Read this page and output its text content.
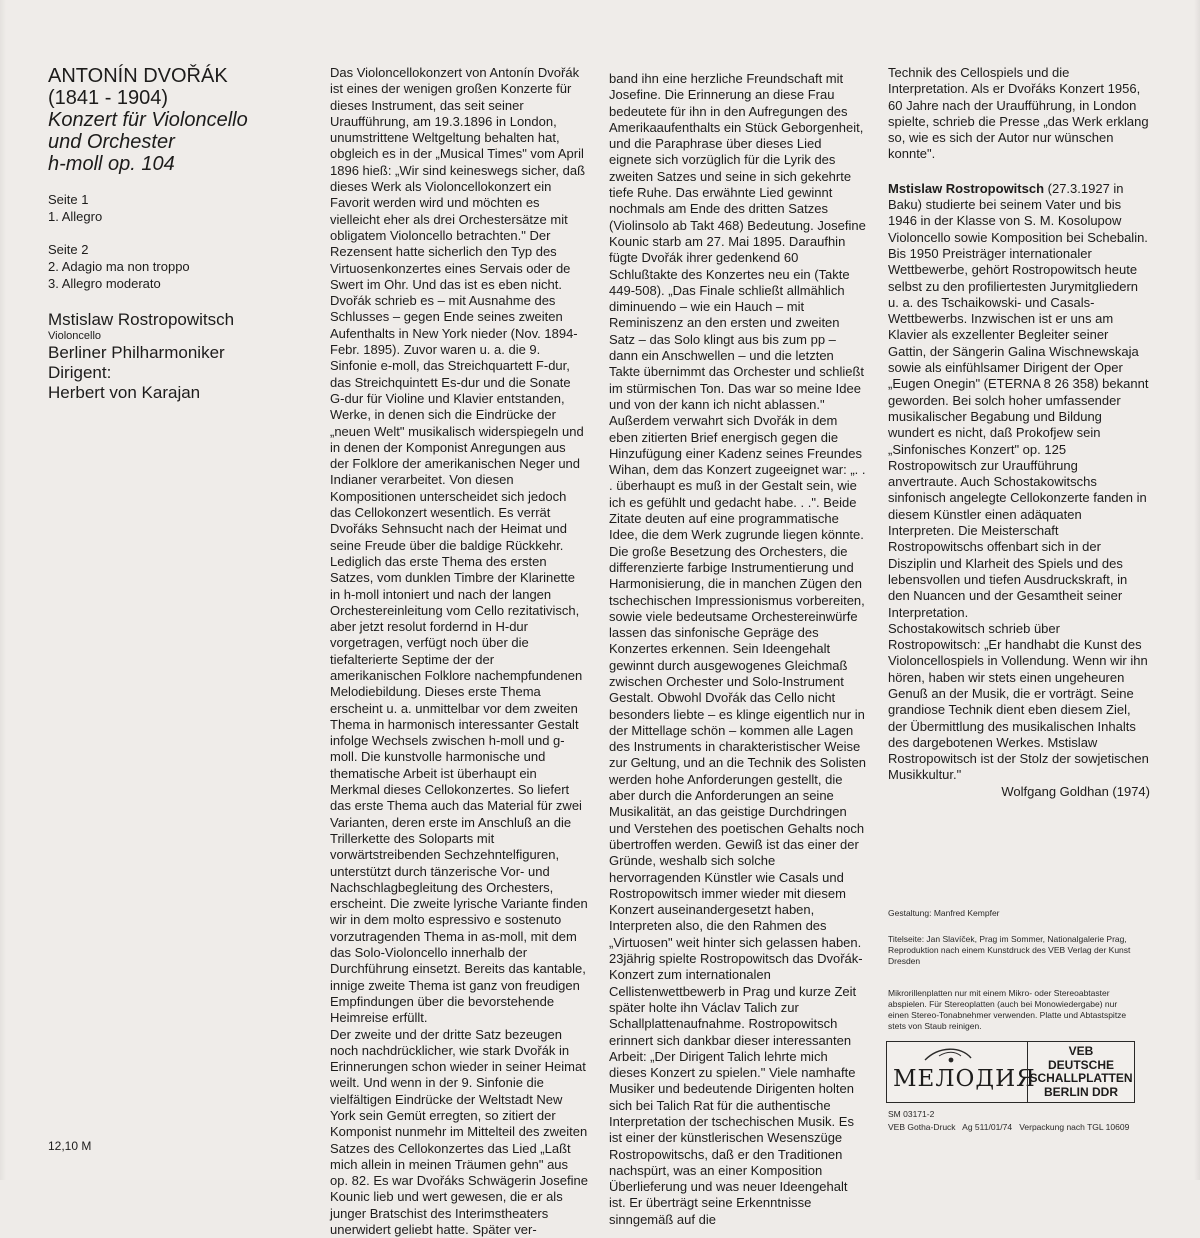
ANTONÍN DVOŘÁK
(1841 - 1904)
Konzert für Violoncello
und Orchester
h-moll op. 104
Seite 1
1. Allegro
Seite 2
2. Adagio ma non troppo
3. Allegro moderato
Mstislaw Rostropowitsch
Violoncello
Berliner Philharmoniker
Dirigent:
Herbert von Karajan
12,10 M

Das Violoncellokonzert von Antonín Dvořák ist eines der wenigen großen Konzerte für dieses Instrument, das seit seiner Uraufführung, am 19.3.1896 in London, unumstrittene Weltgeltung behalten hat, obgleich es in der „Musical Times" vom April 1896 hieß: „Wir sind keineswegs sicher, daß dieses Werk als Violoncellokonzert ein Favorit werden wird und möchten es vielleicht eher als drei Orchestersätze mit obligatem Violoncello betrachten." Der Rezensent hatte sicherlich den Typ des Virtuosenkonzertes eines Servais oder de Swert im Ohr. Und das ist es eben nicht.

Dvořák schrieb es – mit Ausnahme des Schlusses – gegen Ende seines zweiten Aufenthalts in New York nieder (Nov. 1894-Febr. 1895). Zuvor waren u. a. die 9. Sinfonie e-moll, das Streichquartett F-dur, das Streichquintett Es-dur und die Sonate G-dur für Violine und Klavier entstanden, Werke, in denen sich die Eindrücke der „neuen Welt" musikalisch widerspiegeln und in denen der Komponist Anregungen aus der Folklore der amerikanischen Neger und Indianer verarbeitet. Von diesen Kompositionen unterscheidet sich jedoch das Cellokonzert wesentlich. Es verrät Dvořáks Sehnsucht nach der Heimat und seine Freude über die baldige Rückkehr. Lediglich das erste Thema des ersten Satzes, vom dunklen Timbre der Klarinette in h-moll intoniert und nach der langen Orchestereinleitung vom Cello rezitativisch, aber jetzt resolut fordernd in H-dur vorgetragen, verfügt noch über die tiefalterierte Septime der der amerikanischen Folklore nachempfundenen Melodiebildung. Dieses erste Thema erscheint u. a. unmittelbar vor dem zweiten Thema in harmonisch interessanter Gestalt infolge Wechsels zwischen h-moll und g-moll. Die kunstvolle harmonische und thematische Arbeit ist überhaupt ein Merkmal dieses Cellokonzertes. So liefert das erste Thema auch das Material für zwei Varianten, deren erste im Anschluß an die Trillerkette des Soloparts mit vorwärtstreibenden Sechzehntelfiguren, unterstützt durch tänzerische Vor- und Nachschlagbegleitung des Orchesters, erscheint. Die zweite lyrische Variante finden wir in dem molto espressivo e sostenuto vorzutragenden Thema in as-moll, mit dem das Solo-Violoncello innerhalb der Durchführung einsetzt. Bereits das kantable, innige zweite Thema ist ganz von freudigen Empfindungen über die bevorstehende Heimreise erfüllt.

Der zweite und der dritte Satz bezeugen noch nachdrücklicher, wie stark Dvořák in Erinnerungen schon wieder in seiner Heimat weilt. Und wenn in der 9. Sinfonie die vielfältigen Eindrücke der Weltstadt New York sein Gemüt erregten, so zitiert der Komponist nunmehr im Mittelteil des zweiten Satzes des Cellokonzertes das Lied „Laßt mich allein in meinen Träumen gehn" aus op. 82. Es war Dvořáks Schwägerin Josefine Kounic lieb und wert gewesen, die er als junger Bratschist des Interimstheaters unerwidert geliebt hatte. Später ver-

band ihn eine herzliche Freundschaft mit Josefine. Die Erinnerung an diese Frau bedeutete für ihn in den Aufregungen des Amerikaaufenthalts ein Stück Geborgenheit, und die Paraphrase über dieses Lied eignete sich vorzüglich für die Lyrik des zweiten Satzes und seine in sich gekehrte tiefe Ruhe. Das erwähnte Lied gewinnt nochmals am Ende des dritten Satzes (Violinsolo ab Takt 468) Bedeutung. Josefine Kounic starb am 27. Mai 1895. Daraufhin fügte Dvořák ihrer gedenkend 60 Schlußtakte des Konzertes neu ein (Takte 449-508). „Das Finale schließt allmählich diminuendo – wie ein Hauch – mit Reminiszenz an den ersten und zweiten Satz – das Solo klingt aus bis zum pp – dann ein Anschwellen – und die letzten Takte übernimmt das Orchester und schließt im stürmischen Ton. Das war so meine Idee und von der kann ich nicht ablassen." Außerdem verwahrt sich Dvořák in dem eben zitierten Brief energisch gegen die Hinzufügung einer Kadenz seines Freundes Wihan, dem das Konzert zugeeignet war: „. . . überhaupt es muß in der Gestalt sein, wie ich es gefühlt und gedacht habe. . .". Beide Zitate deuten auf eine programmatische Idee, die dem Werk zugrunde liegen könnte. Die große Besetzung des Orchesters, die differenzierte farbige Instrumentierung und Harmonisierung, die in manchen Zügen den tschechischen Impressionismus vorbereiten, sowie viele bedeutsame Orchestereinwürfe lassen das sinfonische Gepräge des Konzertes erkennen. Sein Ideengehalt gewinnt durch ausgewogenes Gleichmaß zwischen Orchester und Solo-Instrument Gestalt. Obwohl Dvořák das Cello nicht besonders liebte – es klinge eigentlich nur in der Mittellage schön – kommen alle Lagen des Instruments in charakteristischer Weise zur Geltung, und an die Technik des Solisten werden hohe Anforderungen gestellt, die aber durch die Anforderungen an seine Musikalität, an das geistige Durchdringen und Verstehen des poetischen Gehalts noch übertroffen werden. Gewiß ist das einer der Gründe, weshalb sich solche hervorragenden Künstler wie Casals und Rostropowitsch immer wieder mit diesem Konzert auseinandergesetzt haben, Interpreten also, die den Rahmen des „Virtuosen" weit hinter sich gelassen haben.

23jährig spielte Rostropowitsch das Dvořák-Konzert zum internationalen Cellistenwettbewerb in Prag und kurze Zeit später holte ihn Václav Talich zur Schallplattenaufnahme. Rostropowitsch erinnert sich dankbar dieser interessanten Arbeit: „Der Dirigent Talich lehrte mich dieses Konzert zu spielen." Viele namhafte Musiker und bedeutende Dirigenten holten sich bei Talich Rat für die authentische Interpretation der tschechischen Musik. Es ist einer der künstlerischen Wesenszüge Rostropowitschs, daß er den Traditionen nachspürt, was an einer Komposition Überlieferung und was neuer Ideengehalt ist. Er überträgt seine Erkenntnisse sinngemäß auf die

Technik des Cellospiels und die Interpretation. Als er Dvořáks Konzert 1956, 60 Jahre nach der Uraufführung, in London spielte, schrieb die Presse „das Werk erklang so, wie es sich der Autor nur wünschen konnte".

Mstislaw Rostropowitsch (27.3.1927 in Baku) studierte bei seinem Vater und bis 1946 in der Klasse von S. M. Kosolupow Violoncello sowie Komposition bei Schebalin. Bis 1950 Preisträger internationaler Wettbewerbe, gehört Rostropowitsch heute selbst zu den profiliertesten Jurymitgliedern u. a. des Tschaikowski- und Casals-Wettbewerbs. Inzwischen ist er uns am Klavier als exzellenter Begleiter seiner Gattin, der Sängerin Galina Wischnewskaja sowie als einfühlsamer Dirigent der Oper „Eugen Onegin" (ETERNA 8 26 358) bekannt geworden. Bei solch hoher umfassender musikalischer Begabung und Bildung wundert es nicht, daß Prokofjew sein „Sinfonisches Konzert" op. 125 Rostropowitsch zur Uraufführung anvertraute. Auch Schostakowitschs sinfonisch angelegte Cellokonzerte fanden in diesem Künstler einen adäquaten Interpreten. Die Meisterschaft Rostropowitschs offenbart sich in der Disziplin und Klarheit des Spiels und des lebensvollen und tiefen Ausdruckskraft, in den Nuancen und der Gesamtheit seiner Interpretation.

Schostakowitsch schrieb über Rostropowitsch: „Er handhabt die Kunst des Violoncellospiels in Vollendung. Wenn wir ihn hören, haben wir stets einen ungeheuren Genuß an der Musik, die er vorträgt. Seine grandiose Technik dient eben diesem Ziel, der Übermittlung des musikalischen Inhalts des dargebotenen Werkes. Mstislaw Rostropowitsch ist der Stolz der sowjetischen Musikkultur."

Wolfgang Goldhan (1974)

Gestaltung: Manfred Kempfer
Titelseite: Jan Slavíček, Prag im Sommer, Nationalgalerie Prag, Reproduktion nach einem Kunstdruck des VEB Verlag der Kunst Dresden
Mikrorillenplatten nur mit einem Mikro- oder Stereoabtaster abspielen. Für Stereoplatten (auch bei Monowiedergabe) nur einen Stereo-Tonabnehmer verwenden. Platte und Abtastspitze stets von Staub reinigen.
МЕЛОДИЯ
VEB
DEUTSCHE
SCHALLPLATTEN
BERLIN DDR
SM 03171-2
VEB Gotha-Druck   Ag 511/01/74   Verpackung nach TGL 10609
